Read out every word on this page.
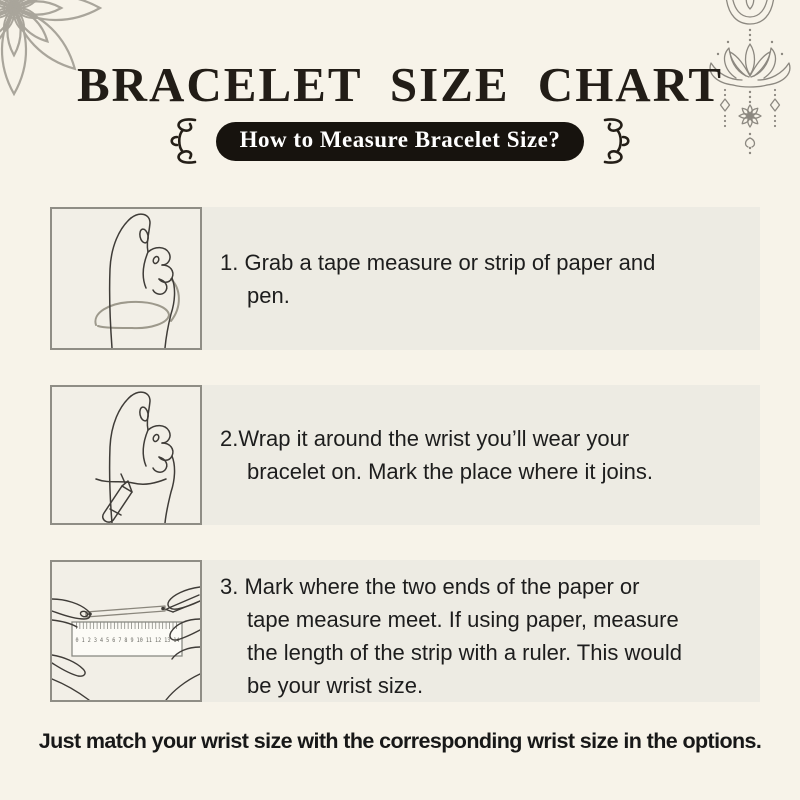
BRACELET SIZE CHART
How to Measure Bracelet Size?
1. Grab a tape measure or strip of paper and
pen.
2.Wrap it around the wrist you’ll wear your
bracelet on. Mark the place where it joins.
0 1 2 3 4 5 6 7 8 9 10 11 12 13 14
3. Mark where the two ends of the paper or
tape measure meet. If using paper, measure
the length of the strip with a ruler. This would
be your wrist size.

Just match your wrist size with the corresponding wrist size in the options.
